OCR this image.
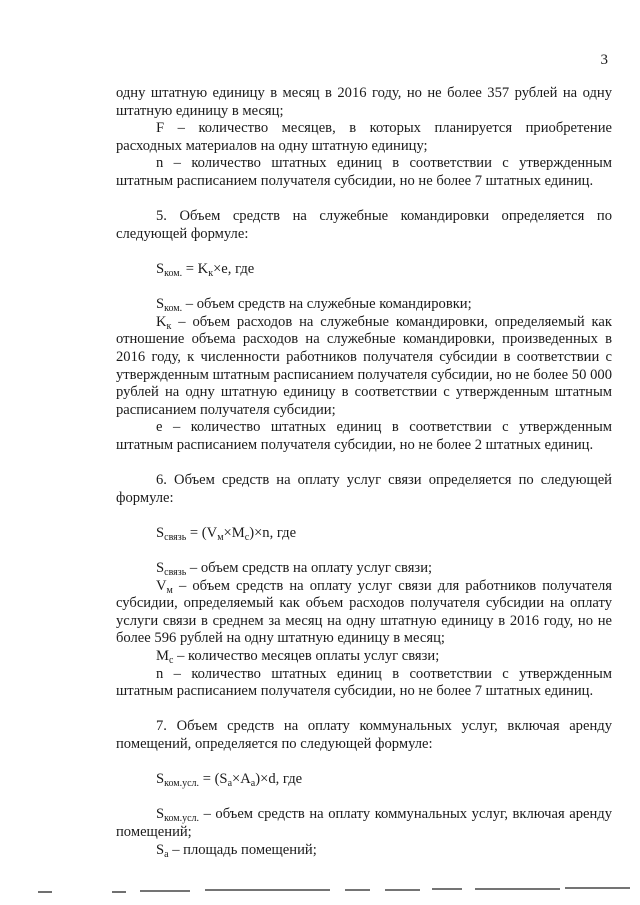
3

одну штатную единицу в месяц в 2016 году, но не более 357 рублей на одну штатную единицу в месяц;

F – количество месяцев, в которых планируется приобретение расходных материалов на одну штатную единицу;

n – количество штатных единиц в соответствии с утвержденным штатным расписанием получателя субсидии, но не более 7 штатных единиц.

5. Объем средств на служебные командировки определяется по следующей формуле:

$S_{ком.} = K_к\times e$, где

$S_{ком.}$ – объем средств на служебные командировки;

$K_к$ – объем расходов на служебные командировки, определяемый как отношение объема расходов на служебные командировки, произведенных в 2016 году, к численности работников получателя субсидии в соответствии с утвержденным штатным расписанием получателя субсидии, но не более 50 000 рублей на одну штатную единицу в соответствии с утвержденным штатным расписанием получателя субсидии;

e – количество штатных единиц в соответствии с утвержденным штатным расписанием получателя субсидии, но не более 2 штатных единиц.

6. Объем средств на оплату услуг связи определяется по следующей формуле:

$S_{связь} = (V_м\times M_c)\times n$, где

$S_{связь}$ – объем средств на оплату услуг связи;

$V_м$ – объем средств на оплату услуг связи для работников получателя субсидии, определяемый как объем расходов получателя субсидии на оплату услуги связи в среднем за месяц на одну штатную единицу в 2016 году, но не более 596 рублей на одну штатную единицу в месяц;

$M_c$ – количество месяцев оплаты услуг связи;

n – количество штатных единиц в соответствии с утвержденным штатным расписанием получателя субсидии, но не более 7 штатных единиц.

7. Объем средств на оплату коммунальных услуг, включая аренду помещений, определяется по следующей формуле:

$S_{ком.усл.} = (S_a\times A_a)\times d$, где

$S_{ком.усл.}$ – объем средств на оплату коммунальных услуг, включая аренду помещений;

$S_a$ – площадь помещений;
